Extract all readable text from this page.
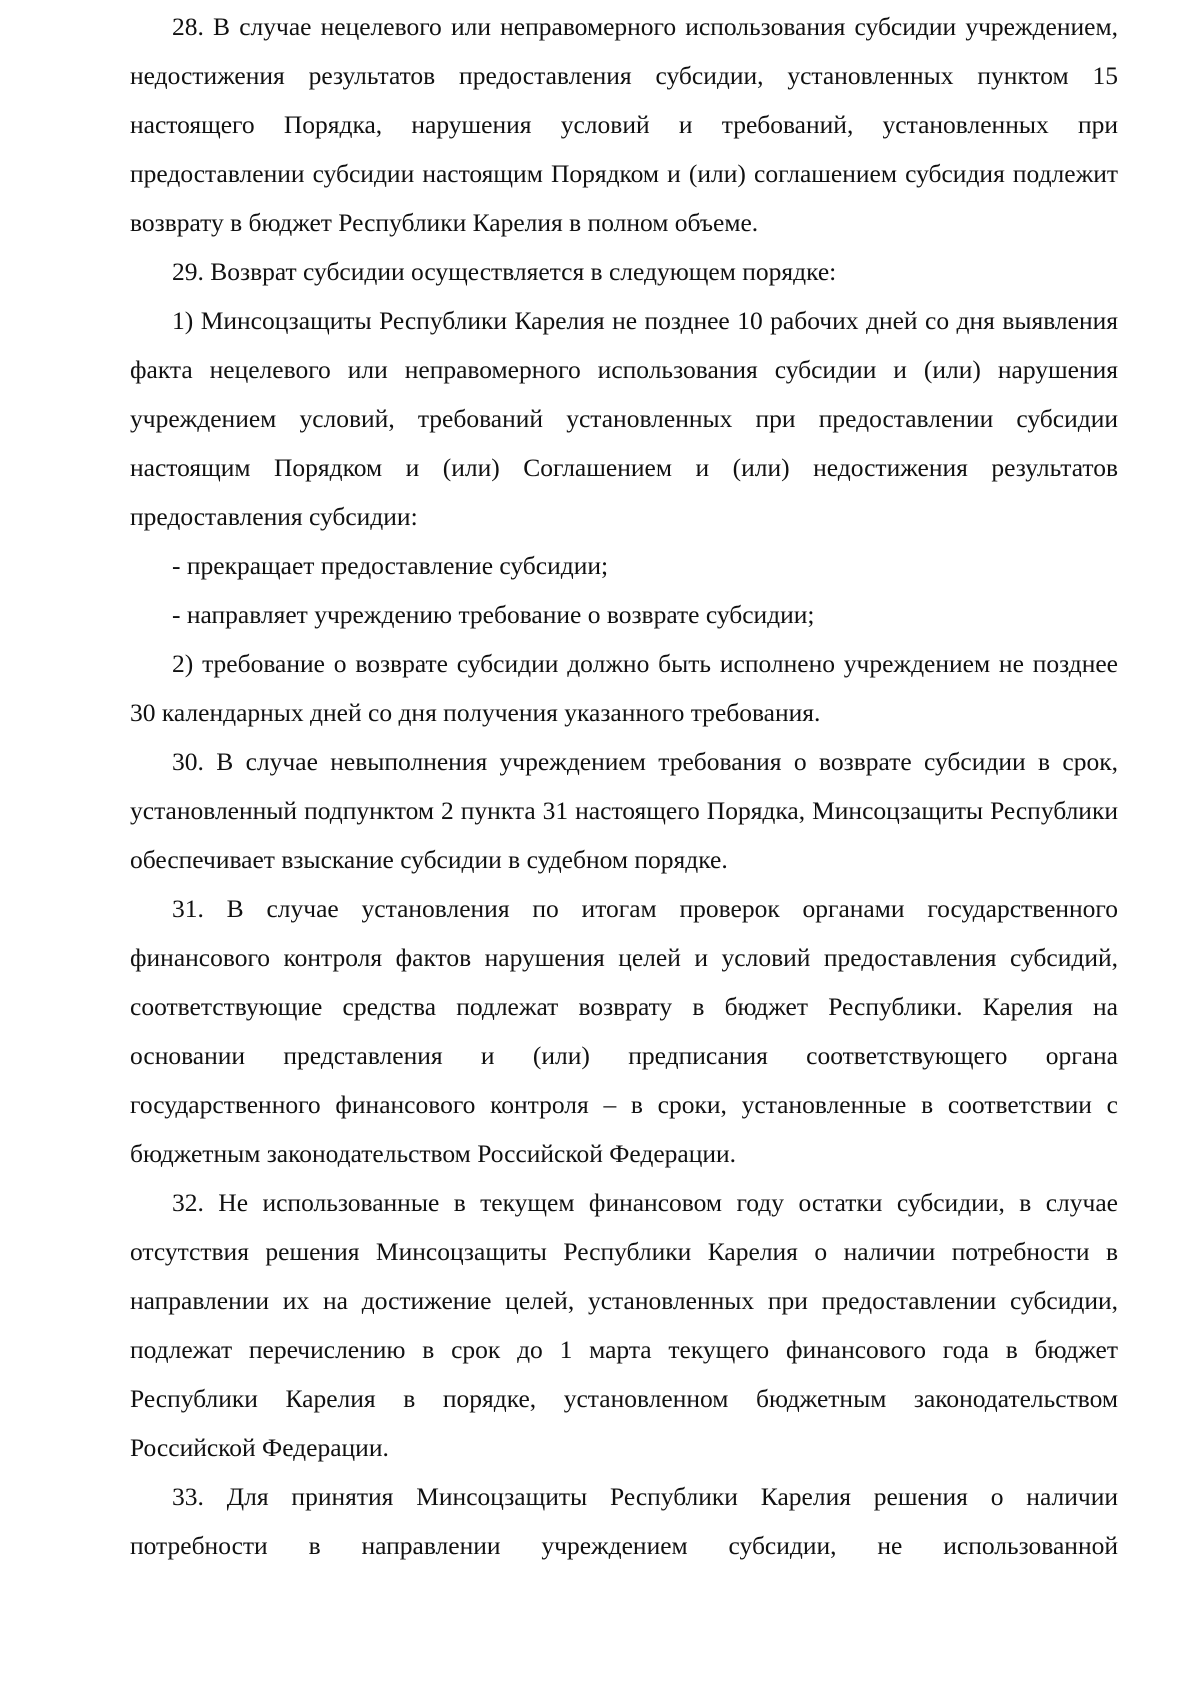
28. В случае нецелевого или неправомерного использования субсидии учреждением, недостижения результатов предоставления субсидии, установленных пунктом 15 настоящего Порядка, нарушения условий и требований, установленных при предоставлении субсидии настоящим Порядком и (или) соглашением субсидия подлежит возврату в бюджет Республики Карелия в полном объеме.

29. Возврат субсидии осуществляется в следующем порядке:

1) Минсоцзащиты Республики Карелия не позднее 10 рабочих дней со дня выявления факта нецелевого или неправомерного использования субсидии и (или) нарушения учреждением условий, требований установленных при предоставлении субсидии настоящим Порядком и (или) Соглашением и (или) недостижения результатов предоставления субсидии:

- прекращает предоставление субсидии;

- направляет учреждению требование о возврате субсидии;

2) требование о возврате субсидии должно быть исполнено учреждением не позднее 30 календарных дней со дня получения указанного требования.

30. В случае невыполнения учреждением требования о возврате субсидии в срок, установленный подпунктом 2 пункта 31 настоящего Порядка, Минсоцзащиты Республики обеспечивает взыскание субсидии в судебном порядке.

31. В случае установления по итогам проверок органами государственного финансового контроля фактов нарушения целей и условий предоставления субсидий, соответствующие средства подлежат возврату в бюджет Республики. Карелия на основании представления и (или) предписания соответствующего органа государственного финансового контроля – в сроки, установленные в соответствии с бюджетным законодательством Российской Федерации.

32. Не использованные в текущем финансовом году остатки субсидии, в случае отсутствия решения Минсоцзащиты Республики Карелия о наличии потребности в направлении их на достижение целей, установленных при предоставлении субсидии, подлежат перечислению в срок до 1 марта текущего финансового года в бюджет Республики Карелия в порядке, установленном бюджетным законодательством Российской Федерации.

33. Для принятия Минсоцзащиты Республики Карелия решения о наличии потребности в направлении учреждением субсидии, не использованной
